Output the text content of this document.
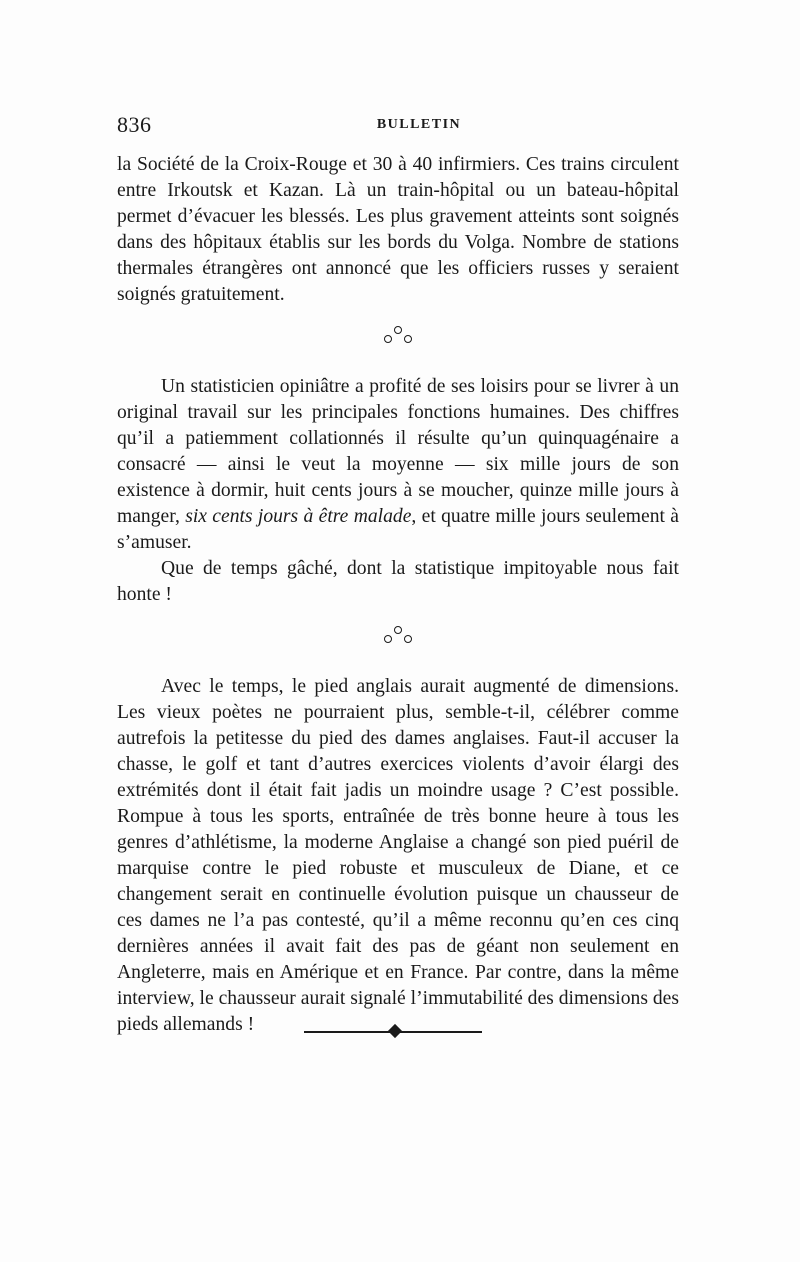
836	BULLETIN

la Société de la Croix-Rouge et 30 à 40 infirmiers. Ces trains circulent entre Irkoutsk et Kazan. Là un train-hôpital ou un bateau-hôpital permet d’évacuer les blessés. Les plus gravement atteints sont soignés dans des hôpitaux établis sur les bords du Volga. Nombre de stations thermales étrangères ont annoncé que les officiers russes y seraient soignés gratuitement.

Un statisticien opiniâtre a profité de ses loisirs pour se livrer à un original travail sur les principales fonctions humaines. Des chiffres qu’il a patiemment collationnés il résulte qu’un quinquagénaire a consacré — ainsi le veut la moyenne — six mille jours de son existence à dormir, huit cents jours à se moucher, quinze mille jours à manger, six cents jours à être malade, et quatre mille jours seulement à s’amuser.

Que de temps gâché, dont la statistique impitoyable nous fait honte !

Avec le temps, le pied anglais aurait augmenté de dimensions. Les vieux poètes ne pourraient plus, semble-t-il, célébrer comme autrefois la petitesse du pied des dames anglaises. Faut-il accuser la chasse, le golf et tant d’autres exercices violents d’avoir élargi des extrémités dont il était fait jadis un moindre usage ? C’est possible. Rompue à tous les sports, entraînée de très bonne heure à tous les genres d’athlétisme, la moderne Anglaise a changé son pied puéril de marquise contre le pied robuste et musculeux de Diane, et ce changement serait en continuelle évolution puisque un chausseur de ces dames ne l’a pas contesté, qu’il a même reconnu qu’en ces cinq dernières années il avait fait des pas de géant non seulement en Angleterre, mais en Amérique et en France. Par contre, dans la même interview, le chausseur aurait signalé l’immutabilité des dimensions des pieds allemands !
